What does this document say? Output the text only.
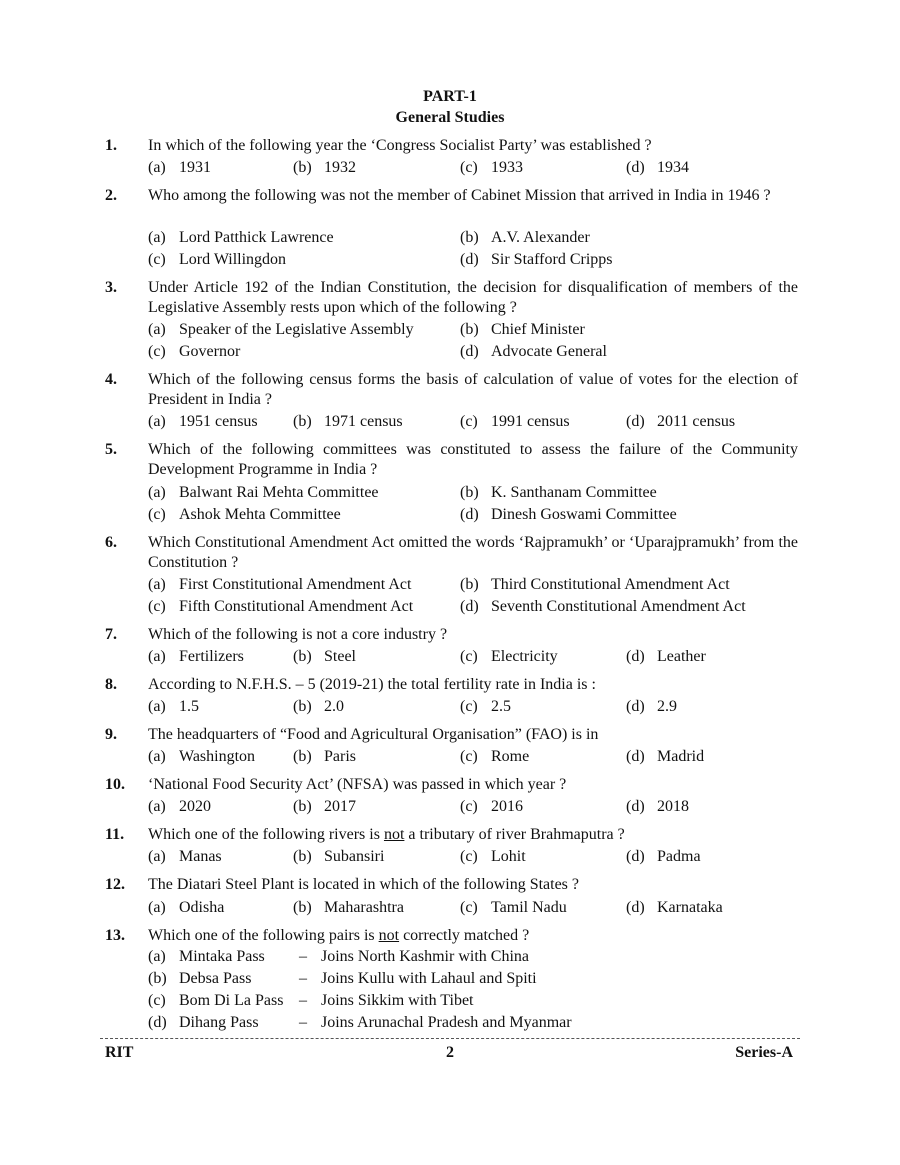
PART-1
General Studies
1. In which of the following year the ‘Congress Socialist Party’ was established ?
(a) 1931	(b) 1932	(c) 1933	(d) 1934
2. Who among the following was not the member of Cabinet Mission that arrived in India in 1946 ?
(a) Lord Patthick Lawrence	(b) A.V. Alexander
(c) Lord Willingdon	(d) Sir Stafford Cripps
3. Under Article 192 of the Indian Constitution, the decision for disqualification of members of the Legislative Assembly rests upon which of the following ?
(a) Speaker of the Legislative Assembly	(b) Chief Minister
(c) Governor	(d) Advocate General
4. Which of the following census forms the basis of calculation of value of votes for the election of President in India ?
(a) 1951 census (b) 1971 census	(c) 1991 census	(d) 2011 census
5. Which of the following committees was constituted to assess the failure of the Community Development Programme in India ?
(a) Balwant Rai Mehta Committee	(b) K. Santhanam Committee
(c) Ashok Mehta Committee	(d) Dinesh Goswami Committee
6. Which Constitutional Amendment Act omitted the words ‘Rajpramukh’ or ‘Uparajpramukh’ from the Constitution ?
(a) First Constitutional Amendment Act	(b) Third Constitutional Amendment Act
(c) Fifth Constitutional Amendment Act	(d) Seventh Constitutional Amendment Act
7. Which of the following is not a core industry ?
(a) Fertilizers	(b) Steel	(c) Electricity	(d) Leather
8. According to N.F.H.S. – 5 (2019-21) the total fertility rate in India is :
(a) 1.5	(b) 2.0	(c) 2.5	(d) 2.9
9. The headquarters of “Food and Agricultural Organisation” (FAO) is in
(a) Washington (b) Paris	(c) Rome	(d) Madrid
10. ‘National Food Security Act’ (NFSA) was passed in which year ?
(a) 2020	(b) 2017	(c) 2016	(d) 2018
11. Which one of the following rivers is not a tributary of river Brahmaputra ?
(a) Manas	(b) Subansiri	(c) Lohit	(d) Padma
12. The Diatari Steel Plant is located in which of the following States ?
(a) Odisha	(b) Maharashtra	(c) Tamil Nadu	(d) Karnataka
13. Which one of the following pairs is not correctly matched ?
(a) Mintaka Pass – Joins North Kashmir with China
(b) Debsa Pass	– Joins Kullu with Lahaul and Spiti
(c) Bom Di La Pass – Joins Sikkim with Tibet
(d) Dihang Pass	– Joins Arunachal Pradesh and Myanmar
RIT	2	Series-A
